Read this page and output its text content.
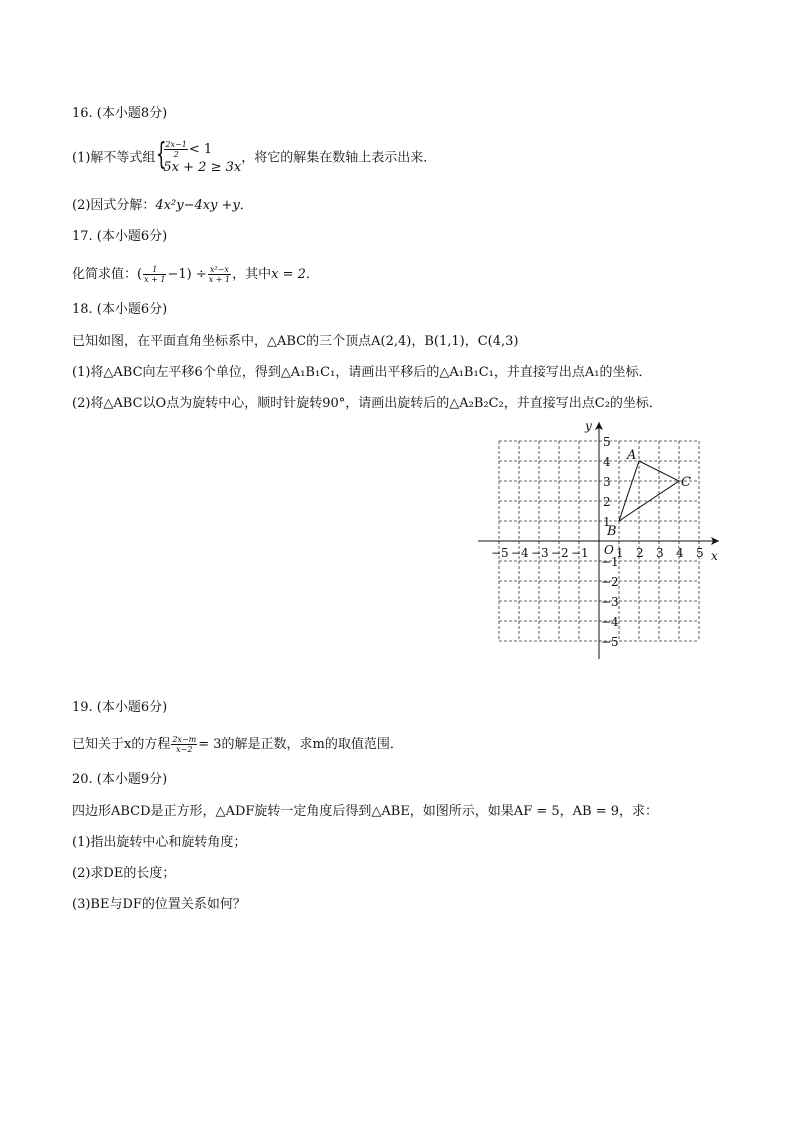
16. (本小题8分)
(1)解不等式组 {
$\frac{2x-1}{2} < 1$
5x + 2 ≥ 3x
，将它的解集在数轴上表示出来．
(2)因式分解：4x²y−4xy +y．
17. (本小题6分)
化简求值：( $\frac{1}{x + 1} -1) \div \frac{\text{x²−x}}{x + 1}$ ，其中x = 2．
18. (本小题6分)
已知如图，在平面直角坐标系中，△ABC的三个顶点A(2,4)，B(1,1)，C(4,3)
(1)将△ABC向左平移6个单位，得到△A₁B₁C₁，请画出平移后的△A₁B₁C₁，并直接写出点A₁的坐标．
(2)将△ABC以O点为旋转中心，顺时针旋转90°，请画出旋转后的△A₂B₂C₂，并直接写出点C₂的坐标．
−5 −4 −3 −2 −1 1 2 3 4 5
5
4
3
2
1
−1
−2
−3
−4
−5
O	x
y
A
B
C
19. (本小题6分)
已知关于x的方程 $\frac{2x-m}{x-2} = 3$的解是正数，求m的取值范围．
20. (本小题9分)
四边形ABCD是正方形，△ADF旋转一定角度后得到△ABE，如图所示，如果AF = 5，AB = 9，求：
(1)指出旋转中心和旋转角度；
(2)求DE的长度；
(3)BE与DF的位置关系如何？
